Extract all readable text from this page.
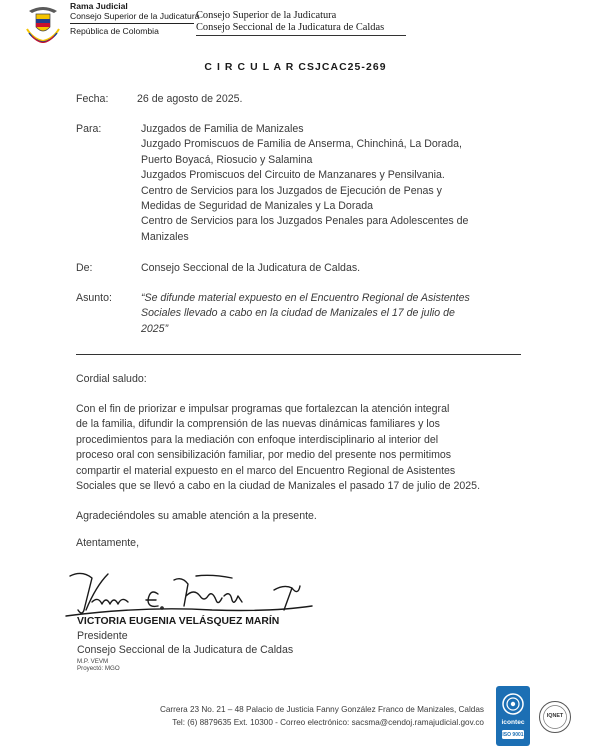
Rama Judicial
Consejo Superior de la Judicatura
República de Colombia
Consejo Superior de la Judicatura
Consejo Seccional de la Judicatura de Caldas
C I R C U L A R CSJCAC25-269
Fecha:	26 de agosto de 2025.
Para:	Juzgados de Familia de Manizales
Juzgado Promiscuos de Familia de Anserma, Chinchiná, La Dorada,
Puerto Boyacá, Riosucio y Salamina
Juzgados Promiscuos del Circuito de Manzanares y Pensilvania.
Centro de Servicios para los Juzgados de Ejecución de Penas y
Medidas de Seguridad de Manizales y La Dorada
Centro de Servicios para los Juzgados Penales para Adolescentes de
Manizales
De:	Consejo Seccional de la Judicatura de Caldas.
Asunto:	“Se difunde material expuesto en el Encuentro Regional de Asistentes
Sociales llevado a cabo en la ciudad de Manizales el 17 de julio de
2025”
Cordial saludo:
Con el fin de priorizar e impulsar programas que fortalezcan la atención integral
de la familia, difundir la comprensión de las nuevas dinámicas familiares y los
procedimientos para la mediación con enfoque interdisciplinario al interior del
proceso oral con sensibilización familiar, por medio del presente nos permitimos
compartir el material expuesto en el marco del Encuentro Regional de Asistentes
Sociales que se llevó a cabo en la ciudad de Manizales el pasado 17 de julio de 2025.
Agradeciéndoles su amable atención a la presente.
Atentamente,
VICTORIA EUGENIA VELÁSQUEZ MARÍN
Presidente
Consejo Seccional de la Judicatura de Caldas
M.P. VEVM
Proyectó: MGO
Carrera 23 No. 21 – 48 Palacio de Justicia Fanny González Franco de Manizales, Caldas
Tel: (6) 8879635 Ext. 10300 - Correo electrónico: sacsma@cendoj.ramajudicial.gov.co	icontec
ISO 9001
IQNET
